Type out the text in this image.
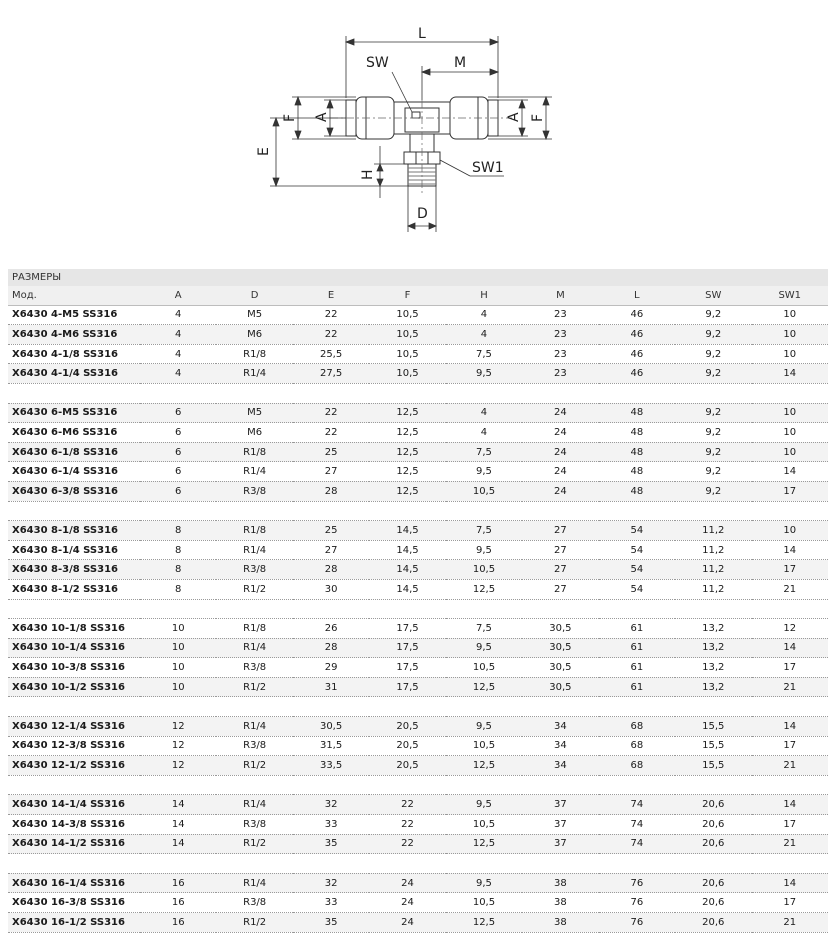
L
M
SW
SW1
F A	A F
E
H
D
РАЗМЕРЫ
Мод.	A	D	E	F	H	M	L	SW	SW1
X6430 4-M5 SS316	4	M5	22	10,5	4	23	46	9,2	10
X6430 4-M6 SS316	4	M6	22	10,5	4	23	46	9,2	10
X6430 4-1/8 SS316	4	R1/8	25,5	10,5	7,5	23	46	9,2	10
X6430 4-1/4 SS316	4	R1/4	27,5	10,5	9,5	23	46	9,2	14

X6430 6-M5 SS316	6	M5	22	12,5	4	24	48	9,2	10
X6430 6-M6 SS316	6	M6	22	12,5	4	24	48	9,2	10
X6430 6-1/8 SS316	6	R1/8	25	12,5	7,5	24	48	9,2	10
X6430 6-1/4 SS316	6	R1/4	27	12,5	9,5	24	48	9,2	14
X6430 6-3/8 SS316	6	R3/8	28	12,5	10,5	24	48	9,2	17

X6430 8-1/8 SS316	8	R1/8	25	14,5	7,5	27	54	11,2	10
X6430 8-1/4 SS316	8	R1/4	27	14,5	9,5	27	54	11,2	14
X6430 8-3/8 SS316	8	R3/8	28	14,5	10,5	27	54	11,2	17
X6430 8-1/2 SS316	8	R1/2	30	14,5	12,5	27	54	11,2	21

X6430 10-1/8 SS316	10	R1/8	26	17,5	7,5	30,5	61	13,2	12
X6430 10-1/4 SS316	10	R1/4	28	17,5	9,5	30,5	61	13,2	14
X6430 10-3/8 SS316	10	R3/8	29	17,5	10,5	30,5	61	13,2	17
X6430 10-1/2 SS316	10	R1/2	31	17,5	12,5	30,5	61	13,2	21

X6430 12-1/4 SS316	12	R1/4	30,5	20,5	9,5	34	68	15,5	14
X6430 12-3/8 SS316	12	R3/8	31,5	20,5	10,5	34	68	15,5	17
X6430 12-1/2 SS316	12	R1/2	33,5	20,5	12,5	34	68	15,5	21

X6430 14-1/4 SS316	14	R1/4	32	22	9,5	37	74	20,6	14
X6430 14-3/8 SS316	14	R3/8	33	22	10,5	37	74	20,6	17
X6430 14-1/2 SS316	14	R1/2	35	22	12,5	37	74	20,6	21

X6430 16-1/4 SS316	16	R1/4	32	24	9,5	38	76	20,6	14
X6430 16-3/8 SS316	16	R3/8	33	24	10,5	38	76	20,6	17
X6430 16-1/2 SS316	16	R1/2	35	24	12,5	38	76	20,6	21
